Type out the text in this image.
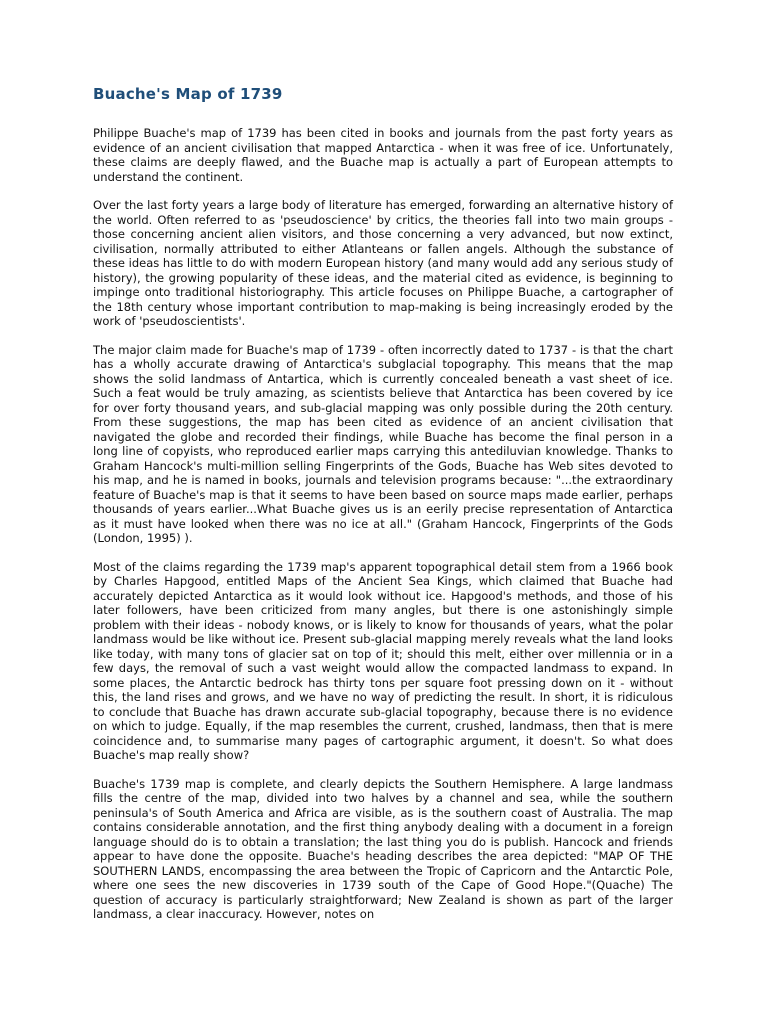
Buache's Map of 1739

Philippe Buache's map of 1739 has been cited in books and journals from the past forty years as evidence of an ancient civilisation that mapped Antarctica - when it was free of ice. Unfortunately, these claims are deeply flawed, and the Buache map is actually a part of European attempts to understand the continent.

Over the last forty years a large body of literature has emerged, forwarding an alternative history of the world. Often referred to as 'pseudoscience' by critics, the theories fall into two main groups - those concerning ancient alien visitors, and those concerning a very advanced, but now extinct, civilisation, normally attributed to either Atlanteans or fallen angels. Although the substance of these ideas has little to do with modern European history (and many would add any serious study of history), the growing popularity of these ideas, and the material cited as evidence, is beginning to impinge onto traditional historiography. This article focuses on Philippe Buache, a cartographer of the 18th century whose important contribution to map-making is being increasingly eroded by the work of 'pseudoscientists'.

The major claim made for Buache's map of 1739 - often incorrectly dated to 1737 - is that the chart has a wholly accurate drawing of Antarctica's subglacial topography. This means that the map shows the solid landmass of Antartica, which is currently concealed beneath a vast sheet of ice. Such a feat would be truly amazing, as scientists believe that Antarctica has been covered by ice for over forty thousand years, and sub-glacial mapping was only possible during the 20th century. From these suggestions, the map has been cited as evidence of an ancient civilisation that navigated the globe and recorded their findings, while Buache has become the final person in a long line of copyists, who reproduced earlier maps carrying this antediluvian knowledge. Thanks to Graham Hancock's multi-million selling Fingerprints of the Gods, Buache has Web sites devoted to his map, and he is named in books, journals and television programs because: "...the extraordinary feature of Buache's map is that it seems to have been based on source maps made earlier, perhaps thousands of years earlier...What Buache gives us is an eerily precise representation of Antarctica as it must have looked when there was no ice at all." (Graham Hancock, Fingerprints of the Gods (London, 1995) ).

Most of the claims regarding the 1739 map's apparent topographical detail stem from a 1966 book by Charles Hapgood, entitled Maps of the Ancient Sea Kings, which claimed that Buache had accurately depicted Antarctica as it would look without ice. Hapgood's methods, and those of his later followers, have been criticized from many angles, but there is one astonishingly simple problem with their ideas - nobody knows, or is likely to know for thousands of years, what the polar landmass would be like without ice. Present sub-glacial mapping merely reveals what the land looks like today, with many tons of glacier sat on top of it; should this melt, either over millennia or in a few days, the removal of such a vast weight would allow the compacted landmass to expand. In some places, the Antarctic bedrock has thirty tons per square foot pressing down on it - without this, the land rises and grows, and we have no way of predicting the result. In short, it is ridiculous to conclude that Buache has drawn accurate sub-glacial topography, because there is no evidence on which to judge. Equally, if the map resembles the current, crushed, landmass, then that is mere coincidence and, to summarise many pages of cartographic argument, it doesn't. So what does Buache's map really show?

Buache's 1739 map is complete, and clearly depicts the Southern Hemisphere. A large landmass fills the centre of the map, divided into two halves by a channel and sea, while the southern peninsula's of South America and Africa are visible, as is the southern coast of Australia. The map contains considerable annotation, and the first thing anybody dealing with a document in a foreign language should do is to obtain a translation; the last thing you do is publish. Hancock and friends appear to have done the opposite. Buache's heading describes the area depicted: "MAP OF THE SOUTHERN LANDS, encompassing the area between the Tropic of Capricorn and the Antarctic Pole, where one sees the new discoveries in 1739 south of the Cape of Good Hope."(Quache) The question of accuracy is particularly straightforward; New Zealand is shown as part of the larger landmass, a clear inaccuracy. However, notes on
